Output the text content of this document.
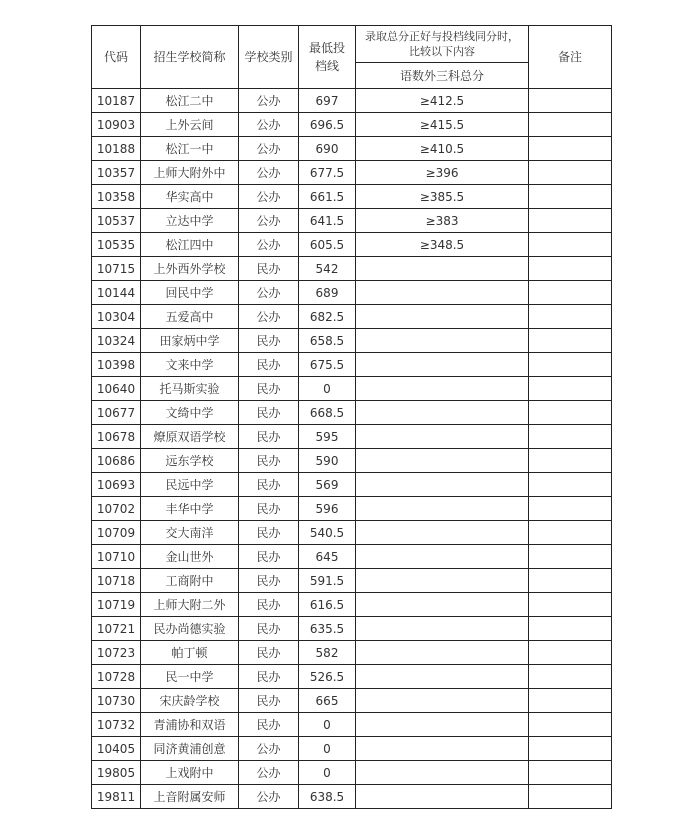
代码	招生学校简称	学校类别	最低投档线	录取总分正好与投档线同分时，比较以下内容	备注
				语数外三科总分	
10187	松江二中	公办	697	≥412.5	
10903	上外云间	公办	696.5	≥415.5	
10188	松江一中	公办	690	≥410.5	
10357	上师大附外中	公办	677.5	≥396	
10358	华实高中	公办	661.5	≥385.5	
10537	立达中学	公办	641.5	≥383	
10535	松江四中	公办	605.5	≥348.5	
10715	上外西外学校	民办	542		
10144	回民中学	公办	689		
10304	五爱高中	公办	682.5		
10324	田家炳中学	民办	658.5		
10398	文来中学	民办	675.5		
10640	托马斯实验	民办	0		
10677	文绮中学	民办	668.5		
10678	燎原双语学校	民办	595		
10686	远东学校	民办	590		
10693	民远中学	民办	569		
10702	丰华中学	民办	596		
10709	交大南洋	民办	540.5		
10710	金山世外	民办	645		
10718	工商附中	民办	591.5		
10719	上师大附二外	民办	616.5		
10721	民办尚德实验	民办	635.5		
10723	帕丁顿	民办	582		
10728	民一中学	民办	526.5		
10730	宋庆龄学校	民办	665		
10732	青浦协和双语	民办	0		
10405	同济黄浦创意	公办	0		
19805	上戏附中	公办	0		
19811	上音附属安师	公办	638.5		
